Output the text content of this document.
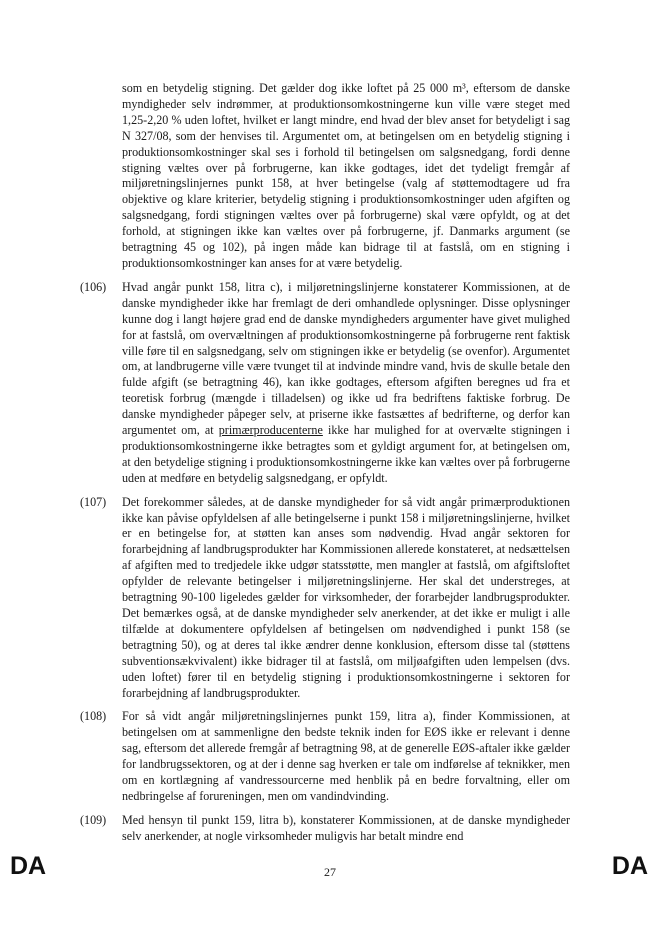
som en betydelig stigning. Det gælder dog ikke loftet på 25 000 m³, eftersom de danske myndigheder selv indrømmer, at produktionsomkostningerne kun ville være steget med 1,25-2,20 % uden loftet, hvilket er langt mindre, end hvad der blev anset for betydeligt i sag N 327/08, som der henvises til. Argumentet om, at betingelsen om en betydelig stigning i produktionsomkostninger skal ses i forhold til betingelsen om salgsnedgang, fordi denne stigning væltes over på forbrugerne, kan ikke godtages, idet det tydeligt fremgår af miljøretningslinjernes punkt 158, at hver betingelse (valg af støttemodtagere ud fra objektive og klare kriterier, betydelig stigning i produktionsomkostninger uden afgiften og salgsnedgang, fordi stigningen væltes over på forbrugerne) skal være opfyldt, og at det forhold, at stigningen ikke kan væltes over på forbrugerne, jf. Danmarks argument (se betragtning 45 og 102), på ingen måde kan bidrage til at fastslå, om en stigning i produktionsomkostninger kan anses for at være betydelig.

(106) Hvad angår punkt 158, litra c), i miljøretningslinjerne konstaterer Kommissionen, at de danske myndigheder ikke har fremlagt de deri omhandlede oplysninger. Disse oplysninger kunne dog i langt højere grad end de danske myndigheders argumenter have givet mulighed for at fastslå, om overvæltningen af produktionsomkostningerne på forbrugerne rent faktisk ville føre til en salgsnedgang, selv om stigningen ikke er betydelig (se ovenfor). Argumentet om, at landbrugerne ville være tvunget til at indvinde mindre vand, hvis de skulle betale den fulde afgift (se betragtning 46), kan ikke godtages, eftersom afgiften beregnes ud fra et teoretisk forbrug (mængde i tilladelsen) og ikke ud fra bedriftens faktiske forbrug. De danske myndigheder påpeger selv, at priserne ikke fastsættes af bedrifterne, og derfor kan argumentet om, at primærproducenterne ikke har mulighed for at overvælte stigningen i produktionsomkostningerne ikke betragtes som et gyldigt argument for, at betingelsen om, at den betydelige stigning i produktionsomkostningerne ikke kan væltes over på forbrugerne uden at medføre en betydelig salgsnedgang, er opfyldt.
(107) Det forekommer således, at de danske myndigheder for så vidt angår primærproduktionen ikke kan påvise opfyldelsen af alle betingelserne i punkt 158 i miljøretningslinjerne, hvilket er en betingelse for, at støtten kan anses som nødvendig. Hvad angår sektoren for forarbejdning af landbrugsprodukter har Kommissionen allerede konstateret, at nedsættelsen af afgiften med to tredjedele ikke udgør statsstøtte, men mangler at fastslå, om afgiftsloftet opfylder de relevante betingelser i miljøretningslinjerne. Her skal det understreges, at betragtning 90-100 ligeledes gælder for virksomheder, der forarbejder landbrugsprodukter. Det bemærkes også, at de danske myndigheder selv anerkender, at det ikke er muligt i alle tilfælde at dokumentere opfyldelsen af betingelsen om nødvendighed i punkt 158 (se betragtning 50), og at deres tal ikke ændrer denne konklusion, eftersom disse tal (støttens subventionsækvivalent) ikke bidrager til at fastslå, om miljøafgiften uden lempelsen (dvs. uden loftet) fører til en betydelig stigning i produktionsomkostningerne i sektoren for forarbejdning af landbrugsprodukter.
(108) For så vidt angår miljøretningslinjernes punkt 159, litra a), finder Kommissionen, at betingelsen om at sammenligne den bedste teknik inden for EØS ikke er relevant i denne sag, eftersom det allerede fremgår af betragtning 98, at de generelle EØS-aftaler ikke gælder for landbrugssektoren, og at der i denne sag hverken er tale om indførelse af teknikker, men om en kortlægning af vandressourcerne med henblik på en bedre forvaltning, eller om nedbringelse af forureningen, men om vandindvinding.
(109) Med hensyn til punkt 159, litra b), konstaterer Kommissionen, at de danske myndigheder selv anerkender, at nogle virksomheder muligvis har betalt mindre end
DA	27	DA
